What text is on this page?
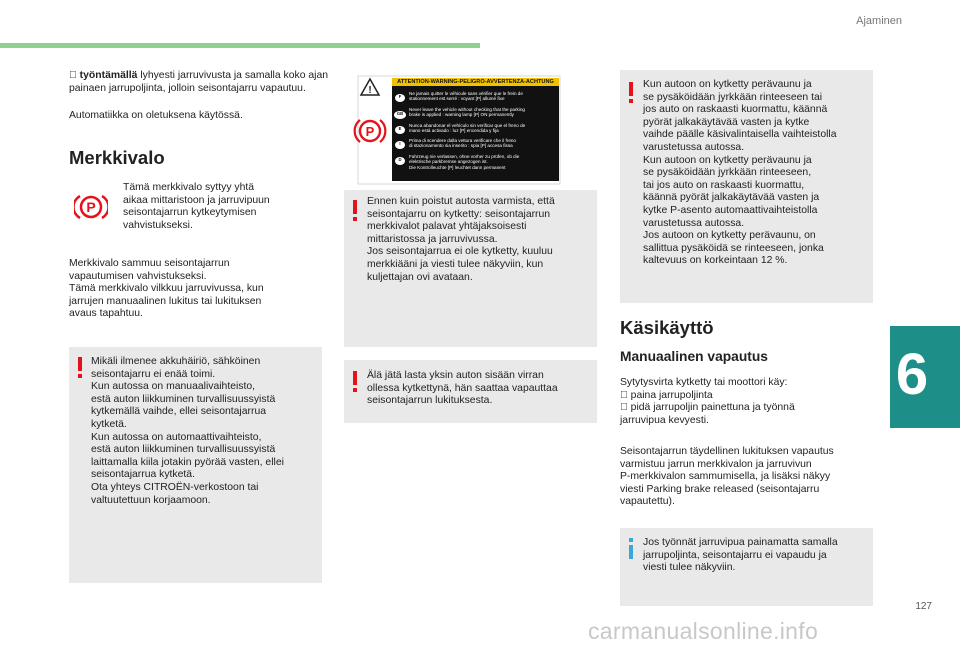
Ajaminen
työntämällä lyhyesti jarruvivusta ja samalla koko ajan painaen jarrupoljinta, jolloin seisontajarru vapautuu.
Automatiikka on oletuksena käytössä.
Merkkivalo
P
Tämä merkkivalo syttyy yhtä
aikaa mittaristoon ja jarruvipuun
seisontajarrun kytkeytymisen
vahvistukseksi.
Merkkivalo sammuu seisontajarrun
vapautumisen vahvistukseksi.
Tämä merkkivalo vilkkuu jarruvivussa, kun
jarrujen manuaalinen lukitus tai lukituksen
avaus tapahtuu.
Mikäli ilmenee akkuhäiriö, sähköinen
seisontajarru ei enää toimi.
Kun autossa on manuaalivaihteisto,
estä auton liikkuminen turvallisuussyistä
kytkemällä vaihde, ellei seisontajarrua
kytketä.
Kun autossa on automaattivaihteisto,
estä auton liikkuminen turvallisuussyistä
laittamalla kiila jotakin pyörää vasten, ellei
seisontajarrua kytketä.
Ota yhteys CITROËN-verkostoon tai
valtuutettuun korjaamoon.
!
P
ATTENTION-WARNING-PELIGRO-AVVERTENZA-ACHTUNG
F
Ne jamais quitter le véhicule sans vérifier que le frein de
stationnement est serré : voyant [P] allumé fixe
GB
Never leave the vehicle without checking that the parking
brake is applied : warning lamp [P] ON permanently
E
Nunca abandonar el vehículo sin verificar que el freno de
mano está activado : luz [P] encendida y fija
I
Prima di scendere dalla vettura verificare che il freno
di stazionamento sia inserito : spia [P] accesa fissa
D
Fahrzeug nie verlassen, ohne vorher zu prüfen, ob die
elektrische parkbremse angezogen ist.
Die Kontrolleuchte [P] leuchtet dann permanent
Ennen kuin poistut autosta varmista, että
seisontajarru on kytketty: seisontajarrun
merkkivalot palavat yhtäjaksoisesti
mittaristossa ja jarruvivussa.
Jos seisontajarrua ei ole kytketty, kuuluu
merkkiääni ja viesti tulee näkyviin, kun
kuljettajan ovi avataan.
Älä jätä lasta yksin auton sisään virran
ollessa kytkettynä, hän saattaa vapauttaa
seisontajarrun lukituksesta.
Kun autoon on kytketty perävaunu ja
se pysäköidään jyrkkään rinteeseen tai
jos auto on raskaasti kuormattu, käännä
pyörät jalkakäytävää vasten ja kytke
vaihde päälle käsivalintaisella vaihteistolla
varustetussa autossa.
Kun autoon on kytketty perävaunu ja
se pysäköidään jyrkkään rinteeseen,
tai jos auto on raskaasti kuormattu,
käännä pyörät jalkakäytävää vasten ja
kytke P-asento automaattivaihteistolla
varustetussa autossa.
Jos autoon on kytketty perävaunu, on
sallittua pysäköidä se rinteeseen, jonka
kaltevuus on korkeintaan 12 %.
Käsikäyttö
Manuaalinen vapautus
Sytytysvirta kytketty tai moottori käy:
paina jarrupoljinta
pidä jarrupoljin painettuna ja työnnä
jarruvipua kevyesti.
Seisontajarrun täydellinen lukituksen vapautus
varmistuu jarrun merkkivalon ja jarruvivun
P-merkkivalon sammumisella, ja lisäksi näkyy
viesti Parking brake released (seisontajarru
vapautettu).
Jos työnnät jarruvipua painamatta samalla
jarrupoljinta, seisontajarru ei vapaudu ja
viesti tulee näkyviin.
6
127
carmanualsonline.info
